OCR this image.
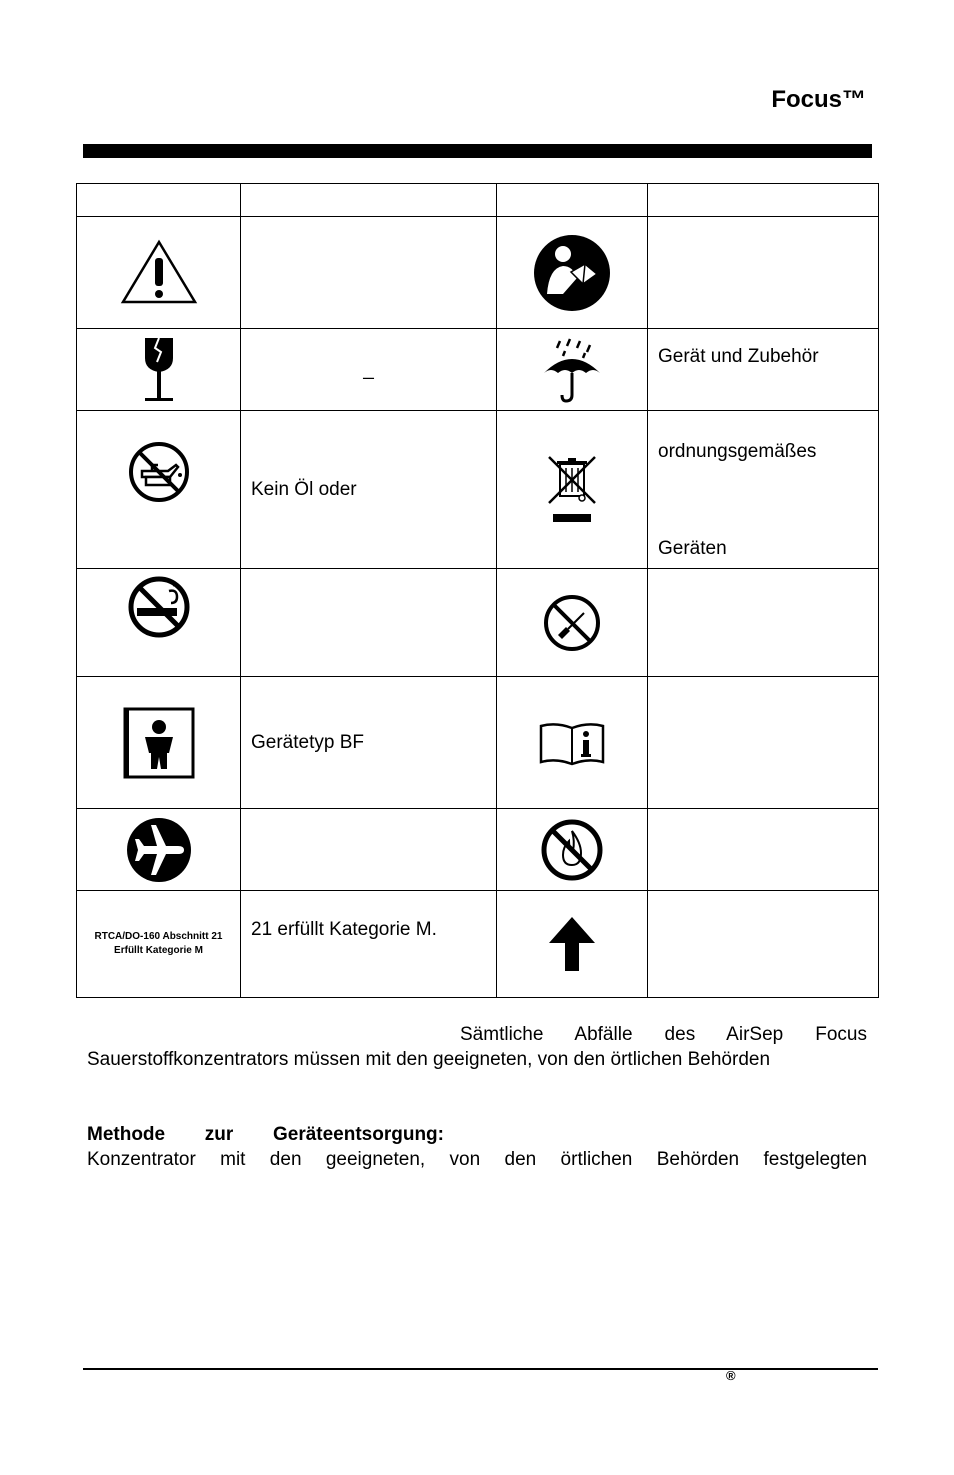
Focus™

_		Gerät und Zubehör

Kein Öl oder		ordnungsgemäßes
Geräten

Gerätetyp BF

RTCA/DO-160 Abschnitt 21
Erfüllt Kategorie M	21 erfüllt Kategorie M.

Sämtliche Abfälle des AirSep Focus
Sauerstoffkonzentrators müssen mit den geeigneten, von den örtlichen Behörden
Methode zur Geräteentsorgung:
Konzentrator mit den geeigneten, von den örtlichen Behörden festgelegten
®
